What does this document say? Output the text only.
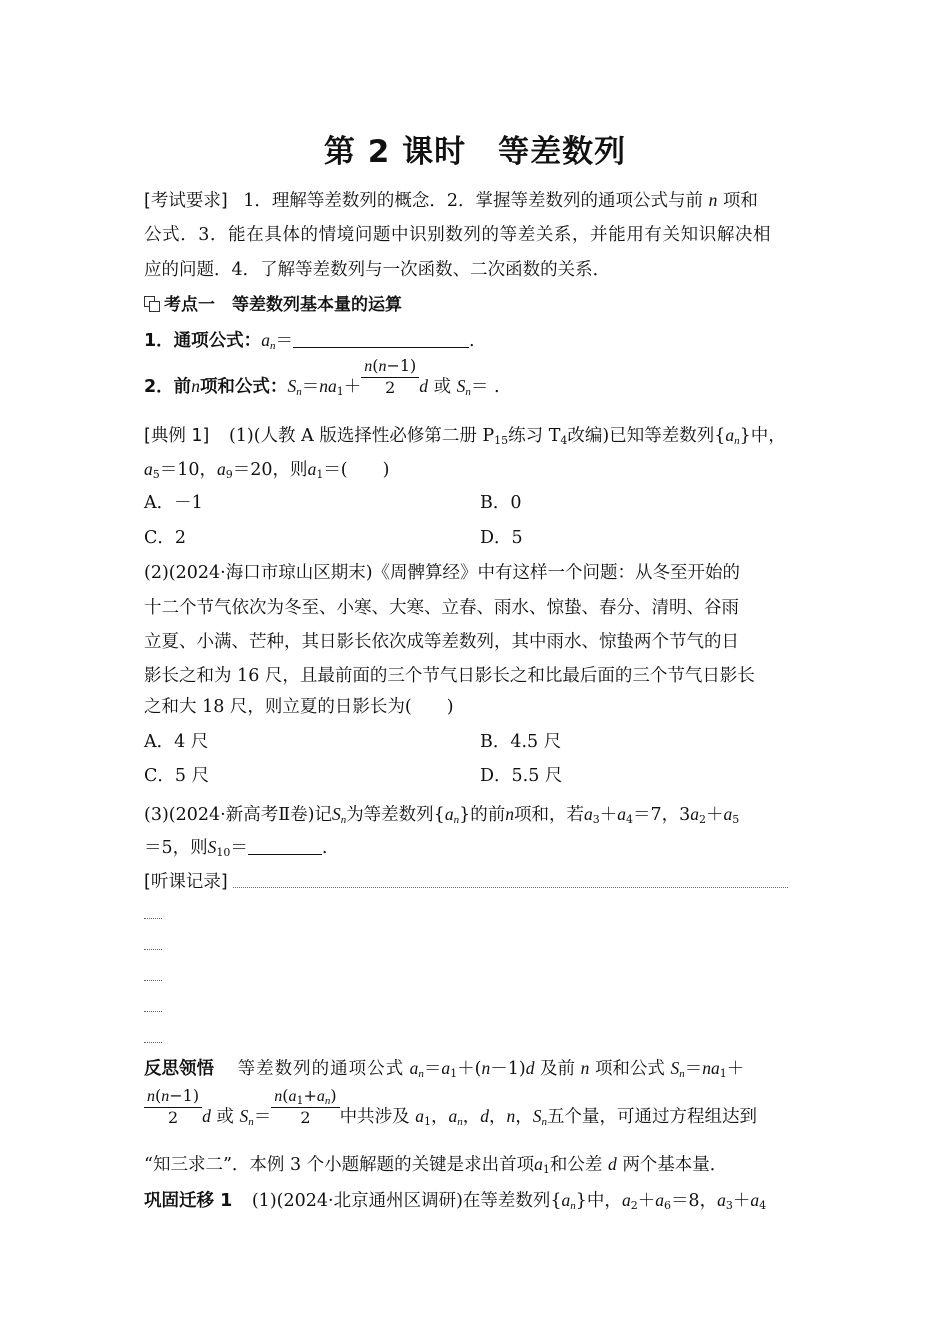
第 2 课时　等差数列
[考试要求] 1．理解等差数列的概念．2．掌握等差数列的通项公式与前 n 项和
公式．3．能在具体的情境问题中识别数列的等差关系，并能用有关知识解决相
应的问题．4．了解等差数列与一次函数、二次函数的关系．
考点一　等差数列基本量的运算
1．通项公式：$a_n=$	.
2．前n项和公式：$S_n=na_1+ \frac{n(n-1)}{2}$ d 或 $S_n=$ .
[典例 1] (1)(人教 A 版选择性必修第二册 $P_{15}$练习 $T_4$改编)已知等差数列$\{a_n\}$中，
$a_5=10$，$a_9=20$，则$a_1=$(　　)
A．－1	B．0
C．2	D．5
(2)(2024·海口市琼山区期末)《周髀算经》中有这样一个问题：从冬至开始的
十二个节气依次为冬至、小寒、大寒、立春、雨水、惊蛰、春分、清明、谷雨
立夏、小满、芒种，其日影长依次成等差数列，其中雨水、惊蛰两个节气的日
影长之和为 16 尺，且最前面的三个节气日影长之和比最后面的三个节气日影长
之和大 18 尺，则立夏的日影长为(　　)
A．4 尺	B．4.5 尺
C．5 尺	D．5.5 尺
(3)(2024·新高考Ⅱ卷)记$S_n$为等差数列$\{a_n\}$的前n项和，若$a_3+a_4=7$，$3a_2+a_5$
＝5，则$S_{10}=$	.
[听课记录]
反思领悟 等差数列的通项公式 $a_n=a_1+(n-1)d$ 及前 n 项和公式 $S_n=na_1+$
$\frac{n(n-1)}{2}$ d 或 $S_n= \frac{n(a_1+a_n)}{2}$ 中共涉及 $a_1$，$a_n$，d，n，$S_n$五个量，可通过方程组达到
“知三求二”．本例 3 个小题解题的关键是求出首项$a_1$和公差 d 两个基本量．
巩固迁移 1 (1)(2024·北京通州区调研)在等差数列$\{a_n\}$中，$a_2+a_6=8$，$a_3+a_4$
